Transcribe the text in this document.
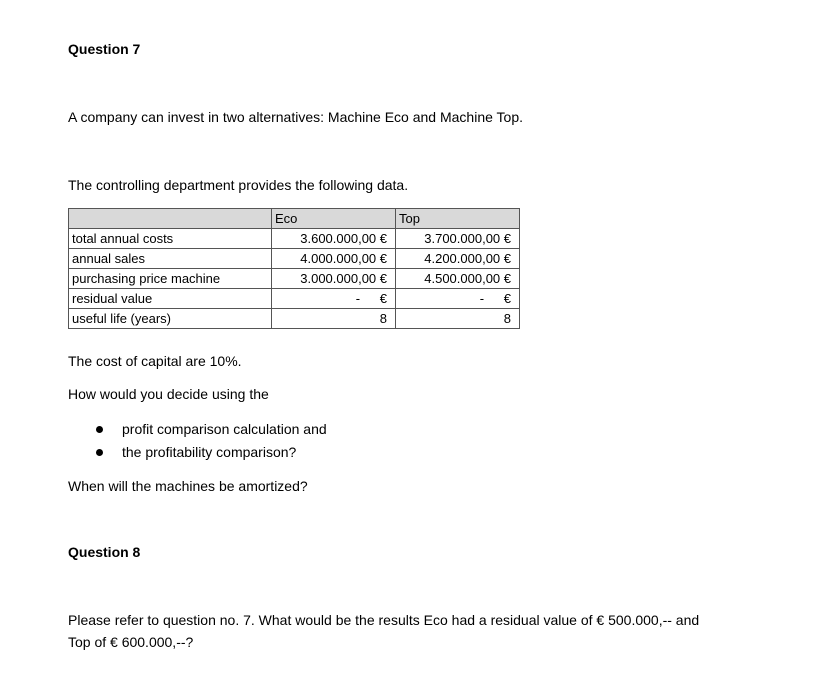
Question 7
A company can invest in two alternatives: Machine Eco and Machine Top.
The controlling department provides the following data.
	Eco	Top
total annual costs	3.600.000,00 €	3.700.000,00 €
annual sales	4.000.000,00 €	4.200.000,00 €
purchasing price machine	3.000.000,00 €	4.500.000,00 €
residual value	- €	- €
useful life (years)	8	8
The cost of capital are 10%.
How would you decide using the
profit comparison calculation and
the profitability comparison?
When will the machines be amortized?
Question 8
Please refer to question no. 7. What would be the results Eco had a residual value of € 500.000,-- and
Top of € 600.000,--?
